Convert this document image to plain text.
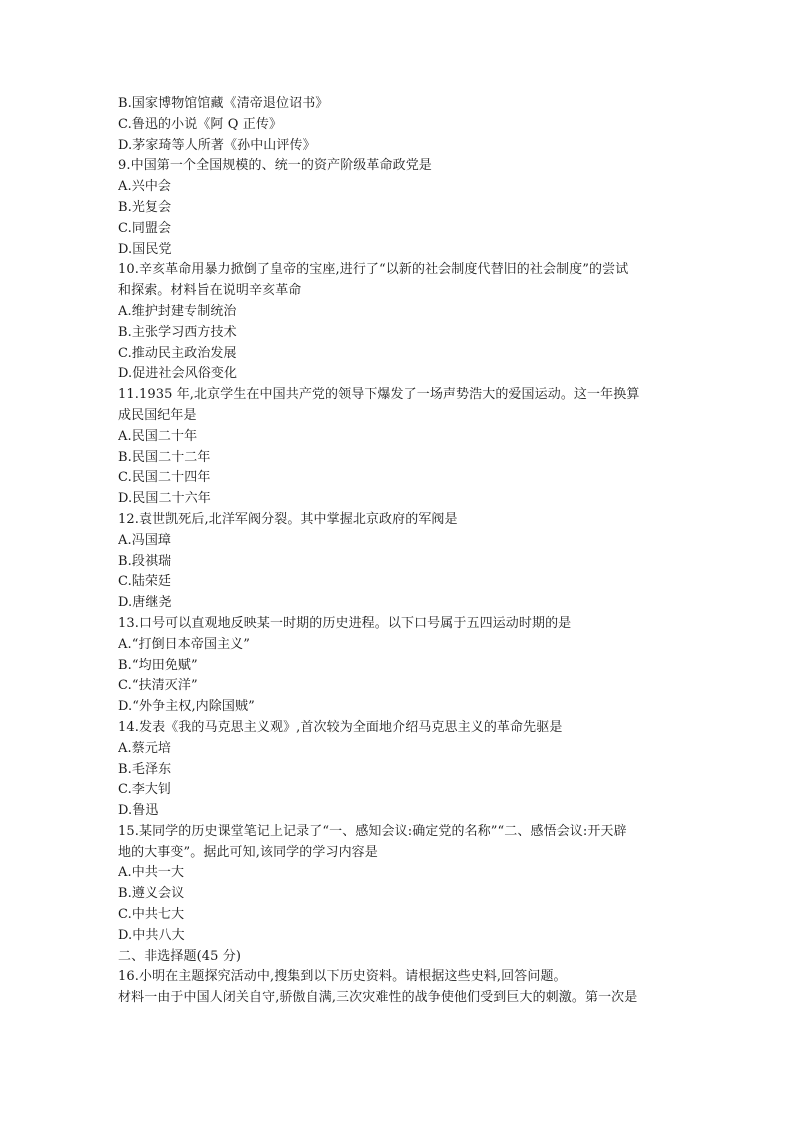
B.国家博物馆馆藏《清帝退位诏书》
C.鲁迅的小说《阿 Q 正传》
D.茅家琦等人所著《孙中山评传》
9.中国第一个全国规模的、统一的资产阶级革命政党是
A.兴中会
B.光复会
C.同盟会
D.国民党
10.辛亥革命用暴力掀倒了皇帝的宝座,进行了“以新的社会制度代替旧的社会制度”的尝试
和探索。材料旨在说明辛亥革命
A.维护封建专制统治
B.主张学习西方技术
C.推动民主政治发展
D.促进社会风俗变化
11.1935 年,北京学生在中国共产党的领导下爆发了一场声势浩大的爱国运动。这一年换算
成民国纪年是
A.民国二十年
B.民国二十二年
C.民国二十四年
D.民国二十六年
12.袁世凯死后,北洋军阀分裂。其中掌握北京政府的军阀是
A.冯国璋
B.段祺瑞
C.陆荣廷
D.唐继尧
13.口号可以直观地反映某一时期的历史进程。以下口号属于五四运动时期的是
A.“打倒日本帝国主义”
B.“均田免赋”
C.“扶清灭洋”
D.“外争主权,内除国贼”
14.发表《我的马克思主义观》,首次较为全面地介绍马克思主义的革命先驱是
A.蔡元培
B.毛泽东
C.李大钊
D.鲁迅
15.某同学的历史课堂笔记上记录了“一、感知会议:确定党的名称”“二、感悟会议:开天辟
地的大事变”。据此可知,该同学的学习内容是
A.中共一大
B.遵义会议
C.中共七大
D.中共八大
二、非选择题(45 分)
16.小明在主题探究活动中,搜集到以下历史资料。请根据这些史料,回答问题。
材料一由于中国人闭关自守,骄傲自满,三次灾难性的战争使他们受到巨大的刺激。第一次是
